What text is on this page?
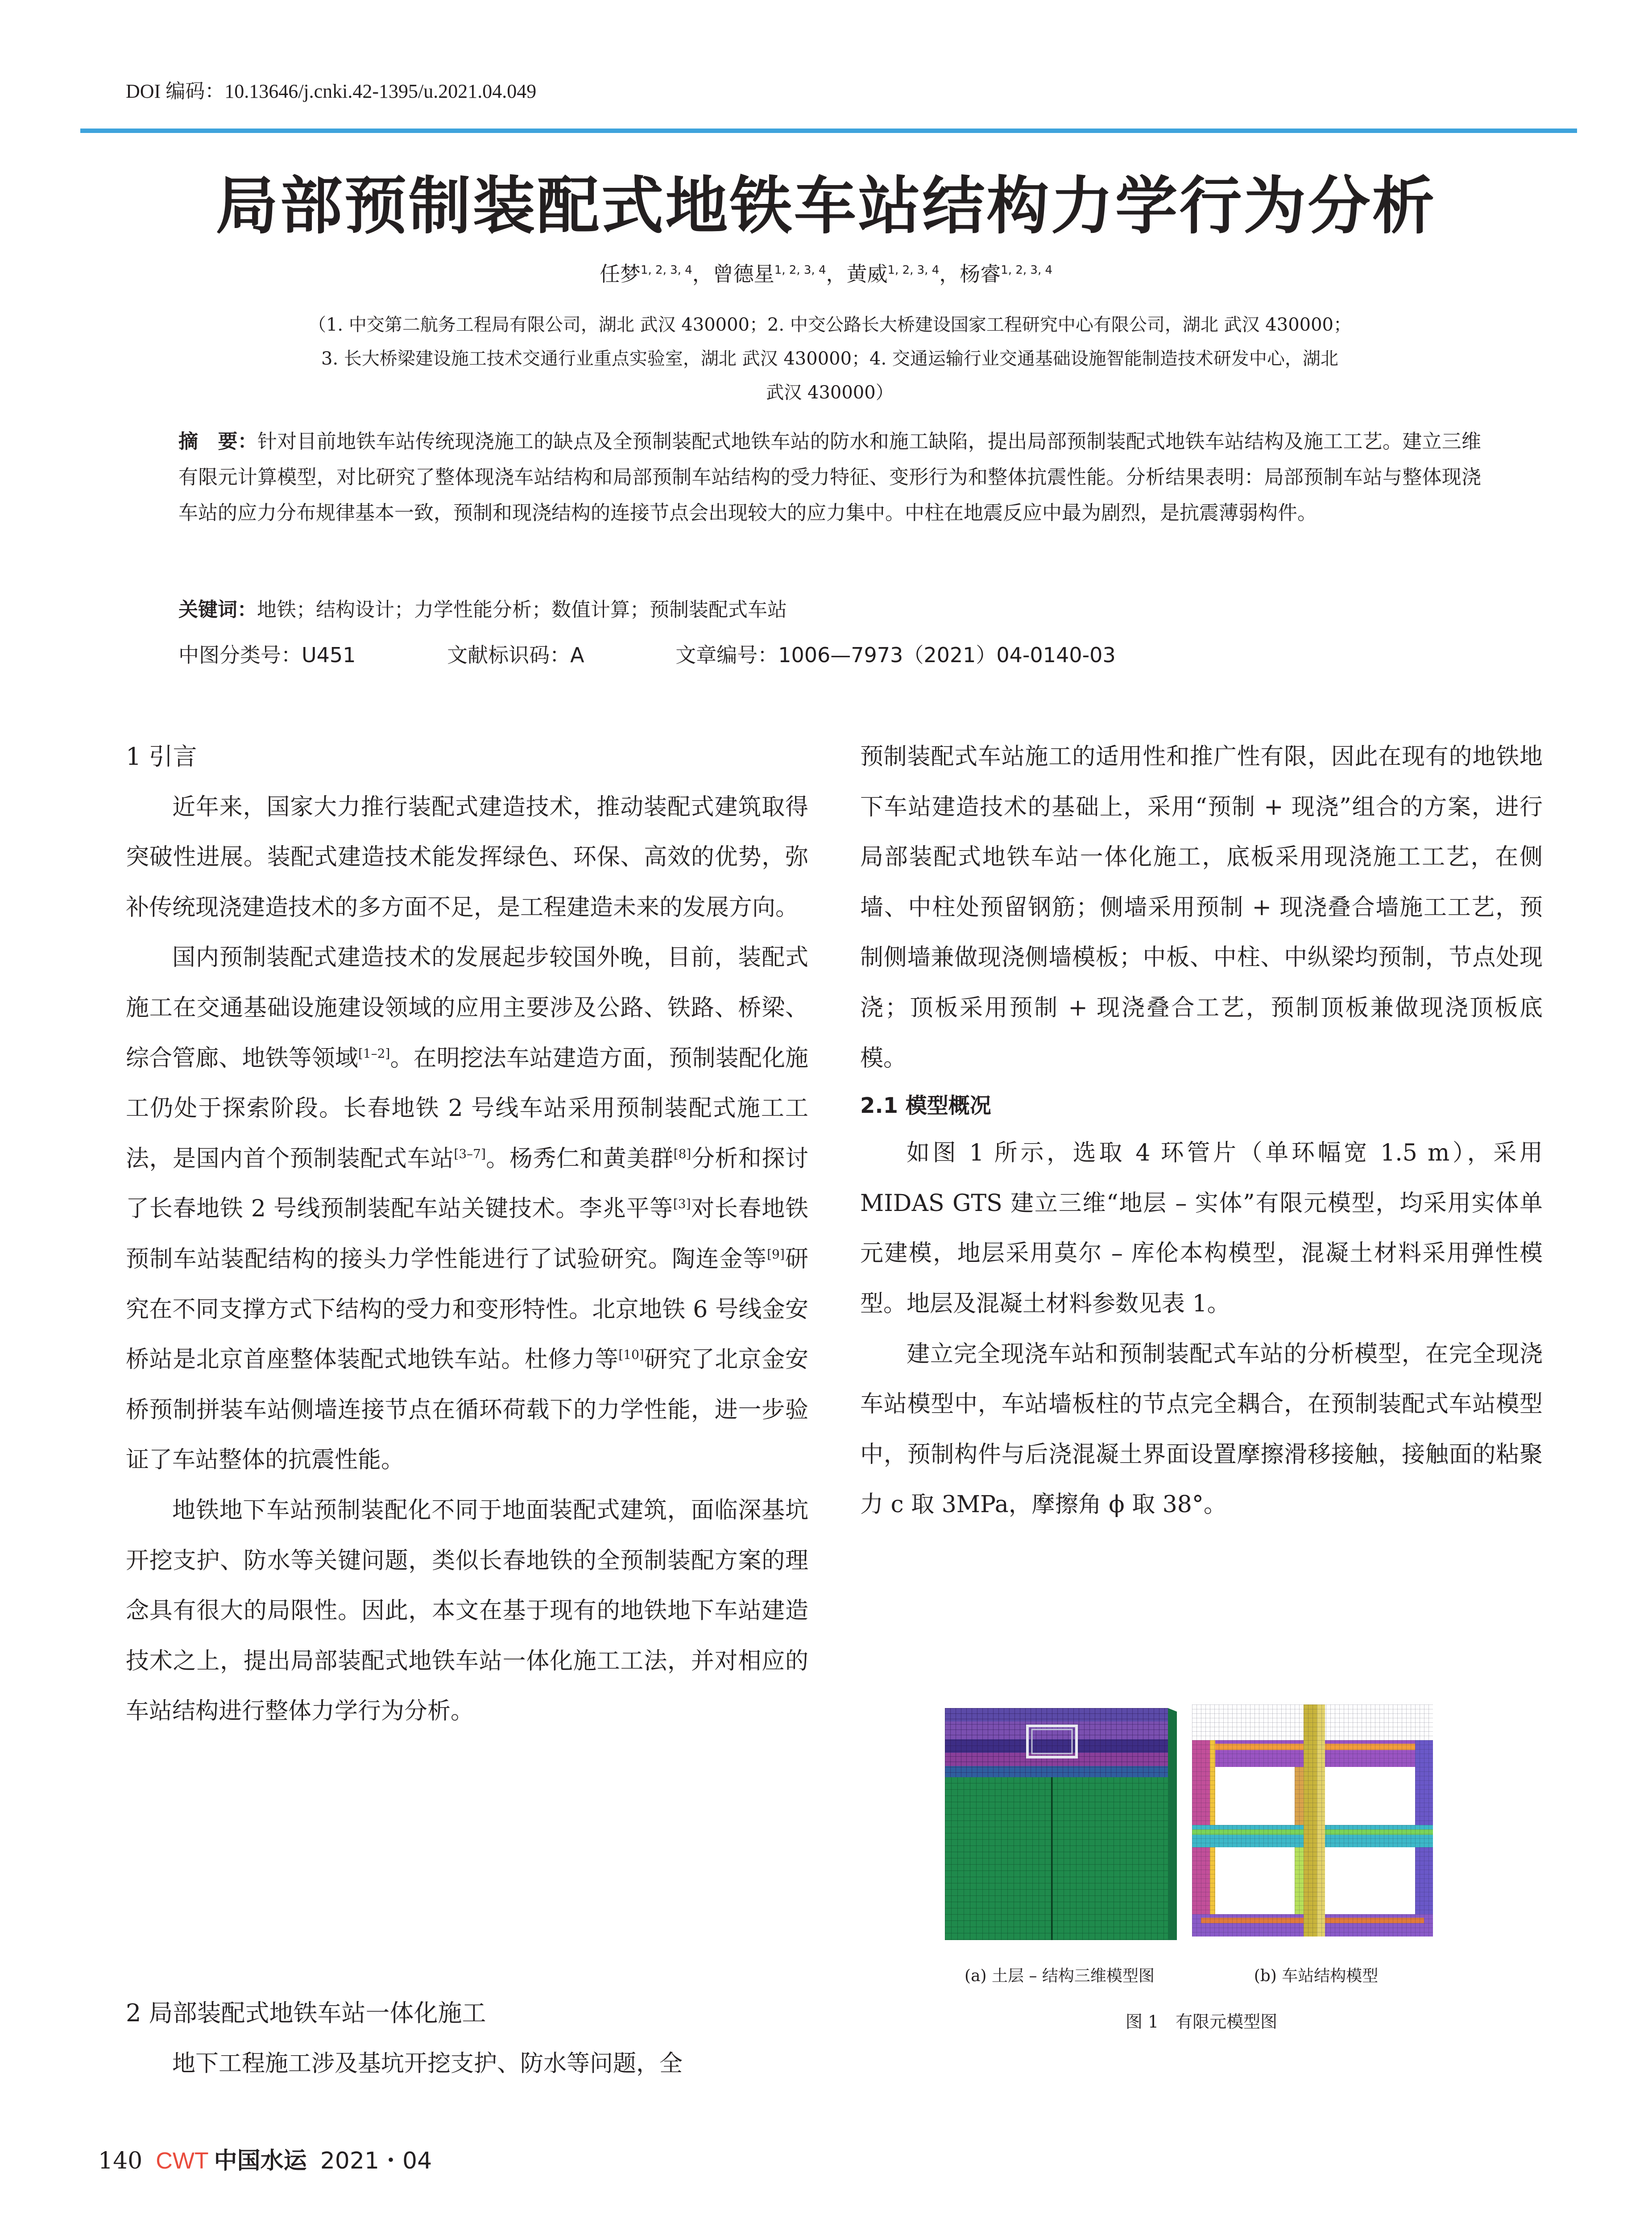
DOI 编码：10.13646/j.cnki.42-1395/u.2021.04.049
局部预制装配式地铁车站结构力学行为分析
任梦$^{1, 2, 3, 4}$，曾德星$^{1, 2, 3, 4}$，黄威$^{1, 2, 3, 4}$，杨睿$^{1, 2, 3, 4}$
（1. 中交第二航务工程局有限公司，湖北 武汉 430000；2. 中交公路长大桥建设国家工程研究中心有限公司，湖北 武汉 430000；
3. 长大桥梁建设施工技术交通行业重点实验室，湖北 武汉 430000；4. 交通运输行业交通基础设施智能制造技术研发中心，湖北
武汉 430000）
摘　要：针对目前地铁车站传统现浇施工的缺点及全预制装配式地铁车站的防水和施工缺陷，提出局部预制装配式地铁车站结构及施工工艺。建立三维有限元计算模型，对比研究了整体现浇车站结构和局部预制车站结构的受力特征、变形行为和整体抗震性能。分析结果表明：局部预制车站与整体现浇车站的应力分布规律基本一致，预制和现浇结构的连接节点会出现较大的应力集中。中柱在地震反应中最为剧烈，是抗震薄弱构件。
关键词：地铁；结构设计；力学性能分析；数值计算；预制装配式车站
中图分类号：U451	文献标识码：A	文章编号：1006—7973（2021）04-0140-03
1 引言

近年来，国家大力推行装配式建造技术，推动装配式建筑取得突破性进展。装配式建造技术能发挥绿色、环保、高效的优势，弥补传统现浇建造技术的多方面不足，是工程建造未来的发展方向。

国内预制装配式建造技术的发展起步较国外晚，目前，装配式施工在交通基础设施建设领域的应用主要涉及公路、铁路、桥梁、综合管廊、地铁等领域[1–2]。在明挖法车站建造方面，预制装配化施工仍处于探索阶段。长春地铁 2 号线车站采用预制装配式施工工法，是国内首个预制装配式车站[3–7]。杨秀仁和黄美群[8]分析和探讨了长春地铁 2 号线预制装配车站关键技术。李兆平等[3]对长春地铁预制车站装配结构的接头力学性能进行了试验研究。陶连金等[9]研究在不同支撑方式下结构的受力和变形特性。北京地铁 6 号线金安桥站是北京首座整体装配式地铁车站。杜修力等[10]研究了北京金安桥预制拼装车站侧墙连接节点在循环荷载下的力学性能，进一步验证了车站整体的抗震性能。

地铁地下车站预制装配化不同于地面装配式建筑，面临深基坑开挖支护、防水等关键问题，类似长春地铁的全预制装配方案的理念具有很大的局限性。因此，本文在基于现有的地铁地下车站建造技术之上，提出局部装配式地铁车站一体化施工工法，并对相应的车站结构进行整体力学行为分析。

2 局部装配式地铁车站一体化施工

地下工程施工涉及基坑开挖支护、防水等问题，全

预制装配式车站施工的适用性和推广性有限，因此在现有的地铁地下车站建造技术的基础上，采用“预制 + 现浇”组合的方案，进行局部装配式地铁车站一体化施工，底板采用现浇施工工艺，在侧墙、中柱处预留钢筋；侧墙采用预制 + 现浇叠合墙施工工艺，预制侧墙兼做现浇侧墙模板；中板、中柱、中纵梁均预制，节点处现浇；顶板采用预制 + 现浇叠合工艺，预制顶板兼做现浇顶板底模。

2.1 模型概况

如图 1 所示，选取 4 环管片（单环幅宽 1.5 m），采用 MIDAS GTS 建立三维“地层 – 实体”有限元模型，均采用实体单元建模，地层采用莫尔 – 库伦本构模型，混凝土材料采用弹性模型。地层及混凝土材料参数见表 1。

建立完全现浇车站和预制装配式车站的分析模型，在完全现浇车站模型中，车站墙板柱的节点完全耦合，在预制装配式车站模型中，预制构件与后浇混凝土界面设置摩擦滑移接触，接触面的粘聚力 c 取 3MPa，摩擦角 ϕ 取 38°。

(a) 土层 – 结构三维模型图	(b) 车站结构模型
图 1　有限元模型图
140 CWT 中国水运 2021・04
